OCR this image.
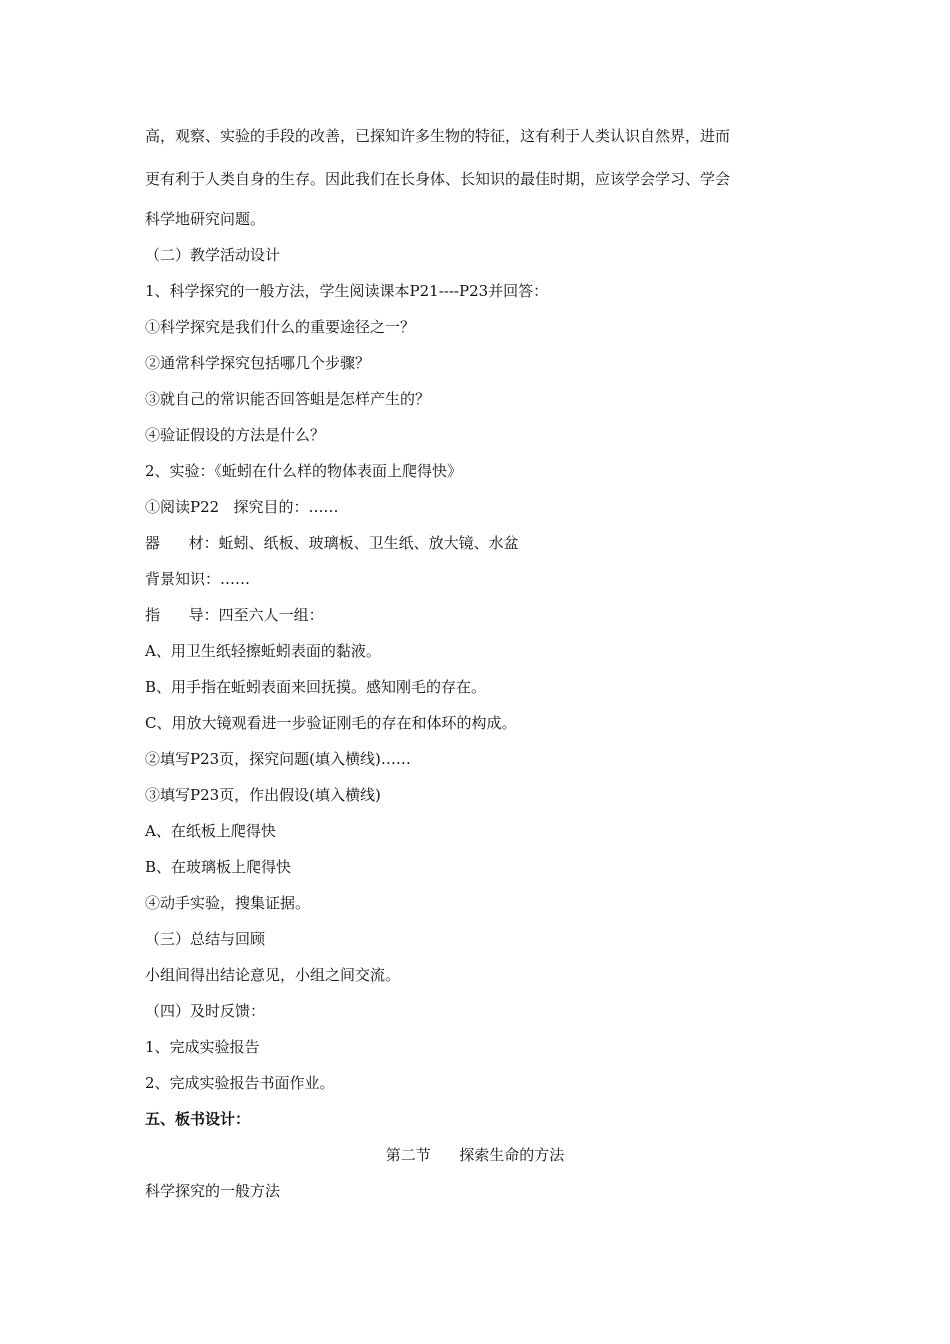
高，观察、实验的手段的改善，已探知许多生物的特征，这有利于人类认识自然界，进而
更有利于人类自身的生存。因此我们在长身体、长知识的最佳时期，应该学会学习、学会
科学地研究问题。
（二）教学活动设计
1、科学探究的一般方法，学生阅读课本P21----P23并回答：
①科学探究是我们什么的重要途径之一？
②通常科学探究包括哪几个步骤？
③就自己的常识能否回答蛆是怎样产生的？
④验证假设的方法是什么？
2、实验：《蚯蚓在什么样的物体表面上爬得快》
①阅读P22   探究目的：……
器      材：蚯蚓、纸板、玻璃板、卫生纸、放大镜、水盆
背景知识：……
指      导：四至六人一组：
A、用卫生纸轻擦蚯蚓表面的黏液。
B、用手指在蚯蚓表面来回抚摸。感知刚毛的存在。
C、用放大镜观看进一步验证刚毛的存在和体环的构成。
②填写P23页，探究问题(填入横线)……
③填写P23页，作出假设(填入横线)
A、在纸板上爬得快
B、在玻璃板上爬得快
④动手实验，搜集证据。
（三）总结与回顾
小组间得出结论意见，小组之间交流。
（四）及时反馈：
1、完成实验报告
2、完成实验报告书面作业。
五、板书设计：
第二节      探索生命的方法
科学探究的一般方法
